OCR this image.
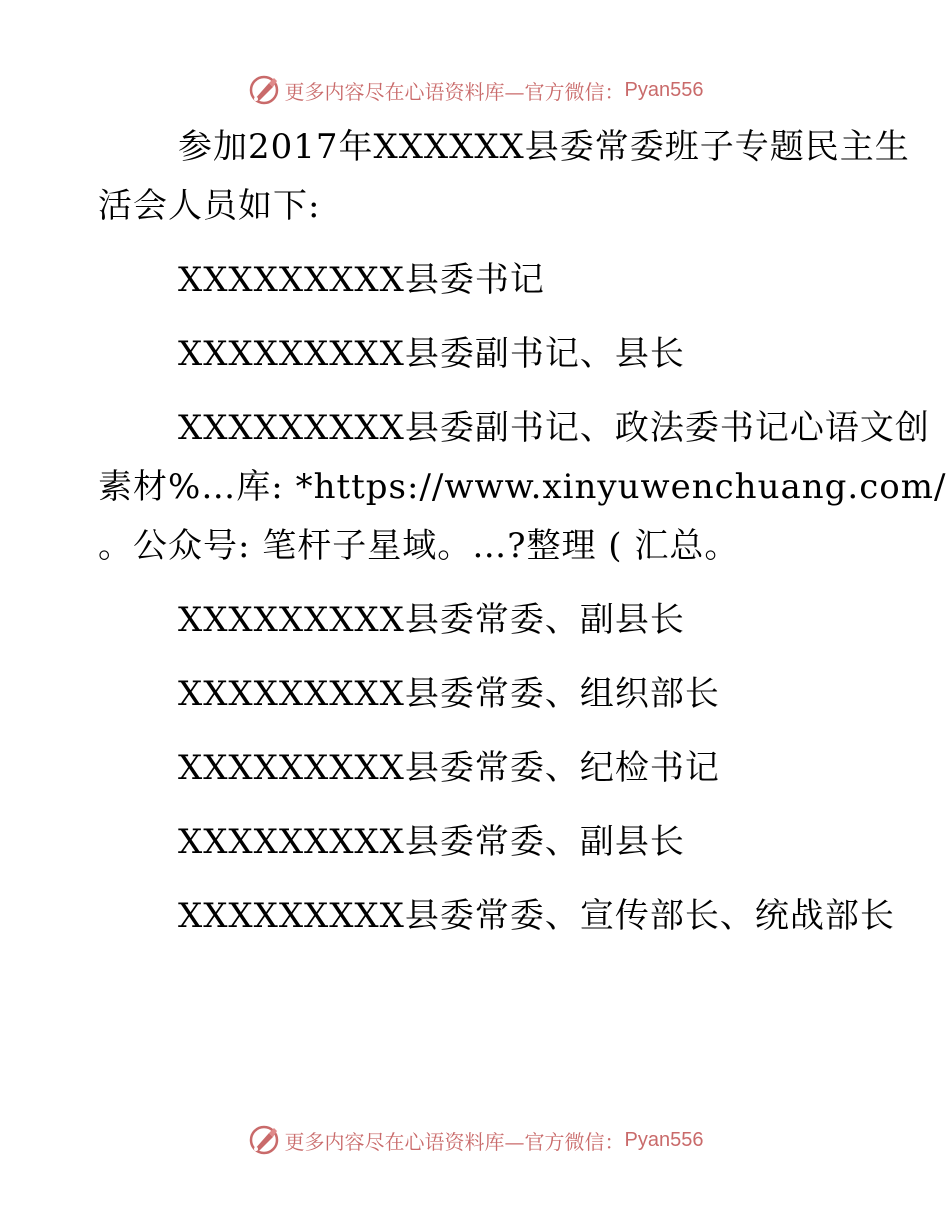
更多内容尽在心语资料库—官方微信： Pyan556

参加2017年XXXXXX县委常委班子专题民主生

活会人员如下:

XXXXXXXXX县委书记

XXXXXXXXX县委副书记、县长

XXXXXXXXX县委副书记、政法委书记心语文创

素材%…库: *https://www.xinyuwenchuang.com/

。公众号: 笔杆子星域。…?整理 ( 汇总。

XXXXXXXXX县委常委、副县长

XXXXXXXXX县委常委、组织部长

XXXXXXXXX县委常委、纪检书记

XXXXXXXXX县委常委、副县长

XXXXXXXXX县委常委、宣传部长、统战部长

更多内容尽在心语资料库—官方微信： Pyan556
